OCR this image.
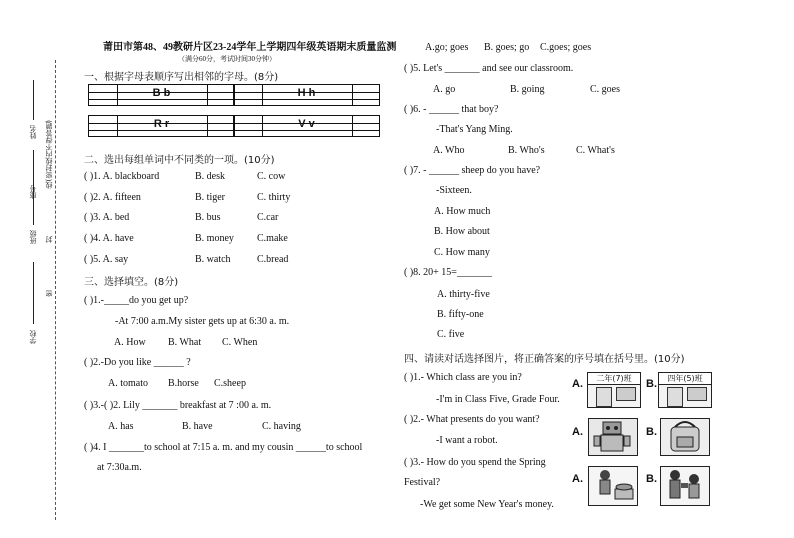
学校
班级
座号
姓名
密
封
线(密封线内不得答题)
莆田市第48、49教研片区23-24学年上学期四年级英语期末质量监测
（满分60分，考试时间30分钟）
一、根据字母表顺序写出相邻的字母。(8分)
B b	H h
R r	V v
二、选出每组单词中不同类的一项。(10分)
( )1. A. blackboard	B. desk	C. cow
( )2. A. fifteen	B. tiger	C. thirty
( )3. A. bed	B. bus	C.car
( )4. A. have	B. money C.make
( )5. A. say	B. watch	C.bread
三、选择填空。(8分)
( )1.-_____do you get up?
-At 7:00 a.m.My sister gets up at 6:30 a. m.
A. How B. What C. When
( )2.-Do you like ______ ?
A. tomato B.horse C.sheep
( )3.-( )2. Lily _______ breakfast at 7 :00 a. m.
A. has	B. have	C. having
( )4. I _______to school at 7:15 a. m. and my cousin ______to school
at 7:30a.m.
A.go; goes B. goes; go C.goes; goes
( )5. Let's _______ and see our classroom.
A. go	B. going	C. goes
( )6. - ______ that boy?
-That's Yang Ming.
A. Who	B. Who's	C. What's
( )7. - ______ sheep do you have?
-Sixteen.
A. How much
B. How about
C. How many
( )8. 20+ 15=_______
A. thirty-five
B. fifty-one
C. five
四、请读对话选择图片，将正确答案的序号填在括号里。(10分)
( )1.- Which class are you in?
-I'm in Class Five, Grade Four.
( )2.- What presents do you want?
-I want a robot.
( )3.- How do you spend the Spring
Festival?
-We get some New Year's money.
A.	二年(7)班	B.	四年(5)班
A.	B.
A.	B.
